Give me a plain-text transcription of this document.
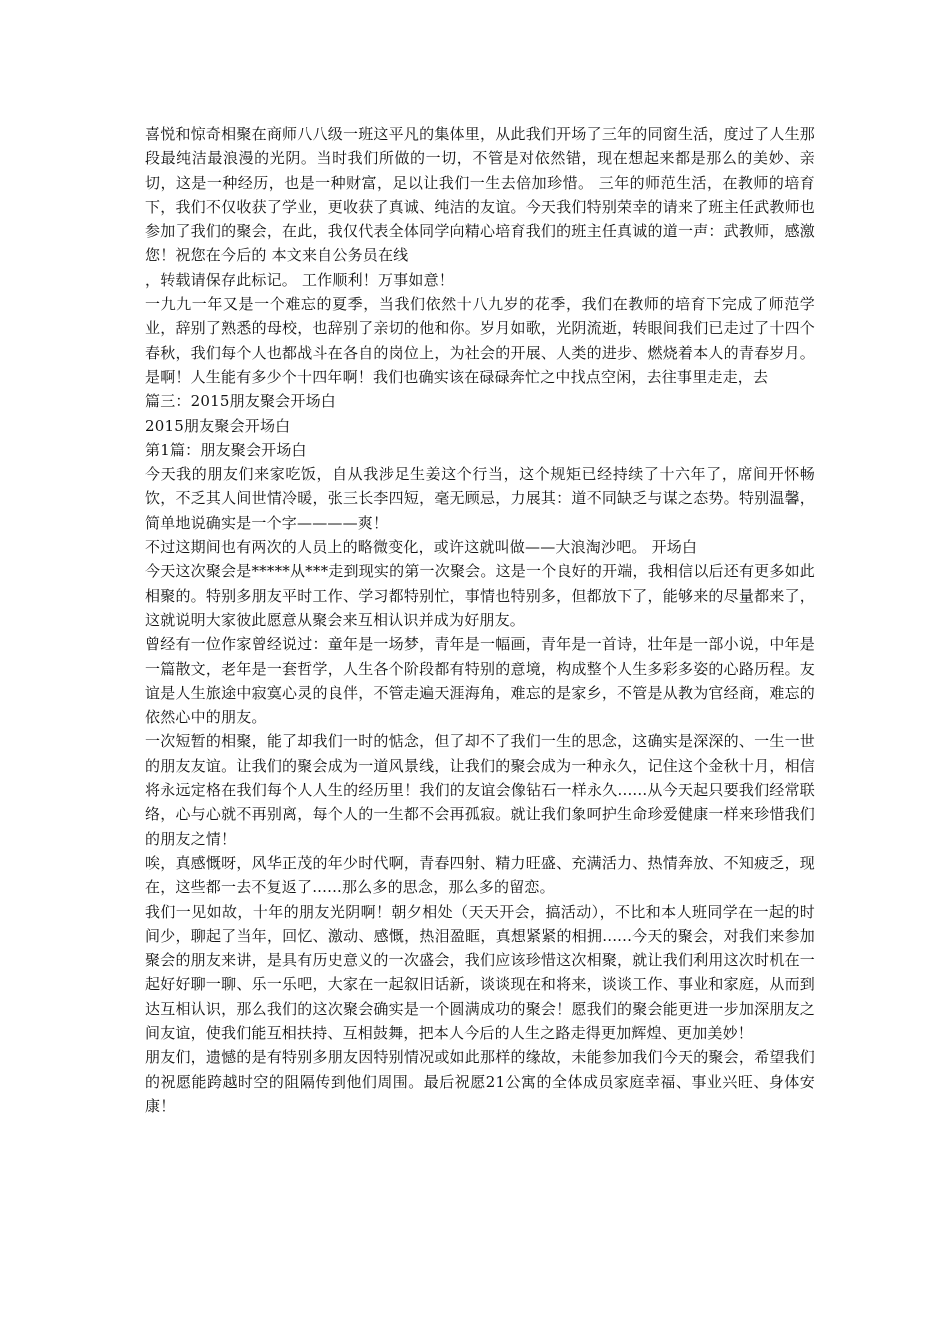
喜悦和惊奇相聚在商师八八级一班这平凡的集体里，从此我们开场了三年的同窗生活，度过了人生那段最纯洁最浪漫的光阴。当时我们所做的一切，不管是对依然错，现在想起来都是那么的美妙、亲切，这是一种经历，也是一种财富，足以让我们一生去倍加珍惜。 三年的师范生活，在教师的培育下，我们不仅收获了学业，更收获了真诚、纯洁的友谊。今天我们特别荣幸的请来了班主任武教师也参加了我们的聚会，在此，我仅代表全体同学向精心培育我们的班主任真诚的道一声：武教师，感激您！祝您在今后的 本文来自公务员在线

，转载请保存此标记。 工作顺利！万事如意！

一九九一年又是一个难忘的夏季，当我们依然十八九岁的花季，我们在教师的培育下完成了师范学业，辞别了熟悉的母校，也辞别了亲切的他和你。岁月如歌，光阴流逝，转眼间我们已走过了十四个春秋，我们每个人也都战斗在各自的岗位上，为社会的开展、人类的进步、燃烧着本人的青春岁月。是啊！人生能有多少个十四年啊！我们也确实该在碌碌奔忙之中找点空闲，去往事里走走，去

篇三：2015朋友聚会开场白

2015朋友聚会开场白

第1篇：朋友聚会开场白

今天我的朋友们来家吃饭，自从我涉足生姜这个行当，这个规矩已经持续了十六年了，席间开怀畅饮，不乏其人间世情冷暖，张三长李四短，毫无顾忌，力展其：道不同缺乏与谋之态势。特别温馨，简单地说确实是一个字————爽！

不过这期间也有两次的人员上的略微变化，或许这就叫做——大浪淘沙吧。 开场白

今天这次聚会是*****从***走到现实的第一次聚会。这是一个良好的开端，我相信以后还有更多如此相聚的。特别多朋友平时工作、学习都特别忙，事情也特别多，但都放下了，能够来的尽量都来了，这就说明大家彼此愿意从聚会来互相认识并成为好朋友。

曾经有一位作家曾经说过：童年是一场梦，青年是一幅画，青年是一首诗，壮年是一部小说，中年是一篇散文，老年是一套哲学，人生各个阶段都有特别的意境，构成整个人生多彩多姿的心路历程。友谊是人生旅途中寂寞心灵的良伴，不管走遍天涯海角，难忘的是家乡，不管是从教为官经商，难忘的依然心中的朋友。

一次短暂的相聚，能了却我们一时的惦念，但了却不了我们一生的思念，这确实是深深的、一生一世的朋友友谊。让我们的聚会成为一道风景线，让我们的聚会成为一种永久，记住这个金秋十月，相信将永远定格在我们每个人人生的经历里！我们的友谊会像钻石一样永久......从今天起只要我们经常联络，心与心就不再别离，每个人的一生都不会再孤寂。就让我们象呵护生命珍爱健康一样来珍惜我们的朋友之情！

唉，真感慨呀，风华正茂的年少时代啊，青春四射、精力旺盛、充满活力、热情奔放、不知疲乏，现在，这些都一去不复返了......那么多的思念，那么多的留恋。

我们一见如故，十年的朋友光阴啊！朝夕相处（天天开会，搞活动），不比和本人班同学在一起的时间少，聊起了当年，回忆、激动、感慨，热泪盈眶，真想紧紧的相拥......今天的聚会，对我们来参加聚会的朋友来讲，是具有历史意义的一次盛会，我们应该珍惜这次相聚，就让我们利用这次时机在一起好好聊一聊、乐一乐吧，大家在一起叙旧话新，谈谈现在和将来，谈谈工作、事业和家庭，从而到达互相认识，那么我们的这次聚会确实是一个圆满成功的聚会！愿我们的聚会能更进一步加深朋友之间友谊，使我们能互相扶持、互相鼓舞，把本人今后的人生之路走得更加辉煌、更加美妙！

朋友们，遗憾的是有特别多朋友因特别情况或如此那样的缘故，未能参加我们今天的聚会，希望我们的祝愿能跨越时空的阻隔传到他们周围。最后祝愿21公寓的全体成员家庭幸福、事业兴旺、身体安康！
